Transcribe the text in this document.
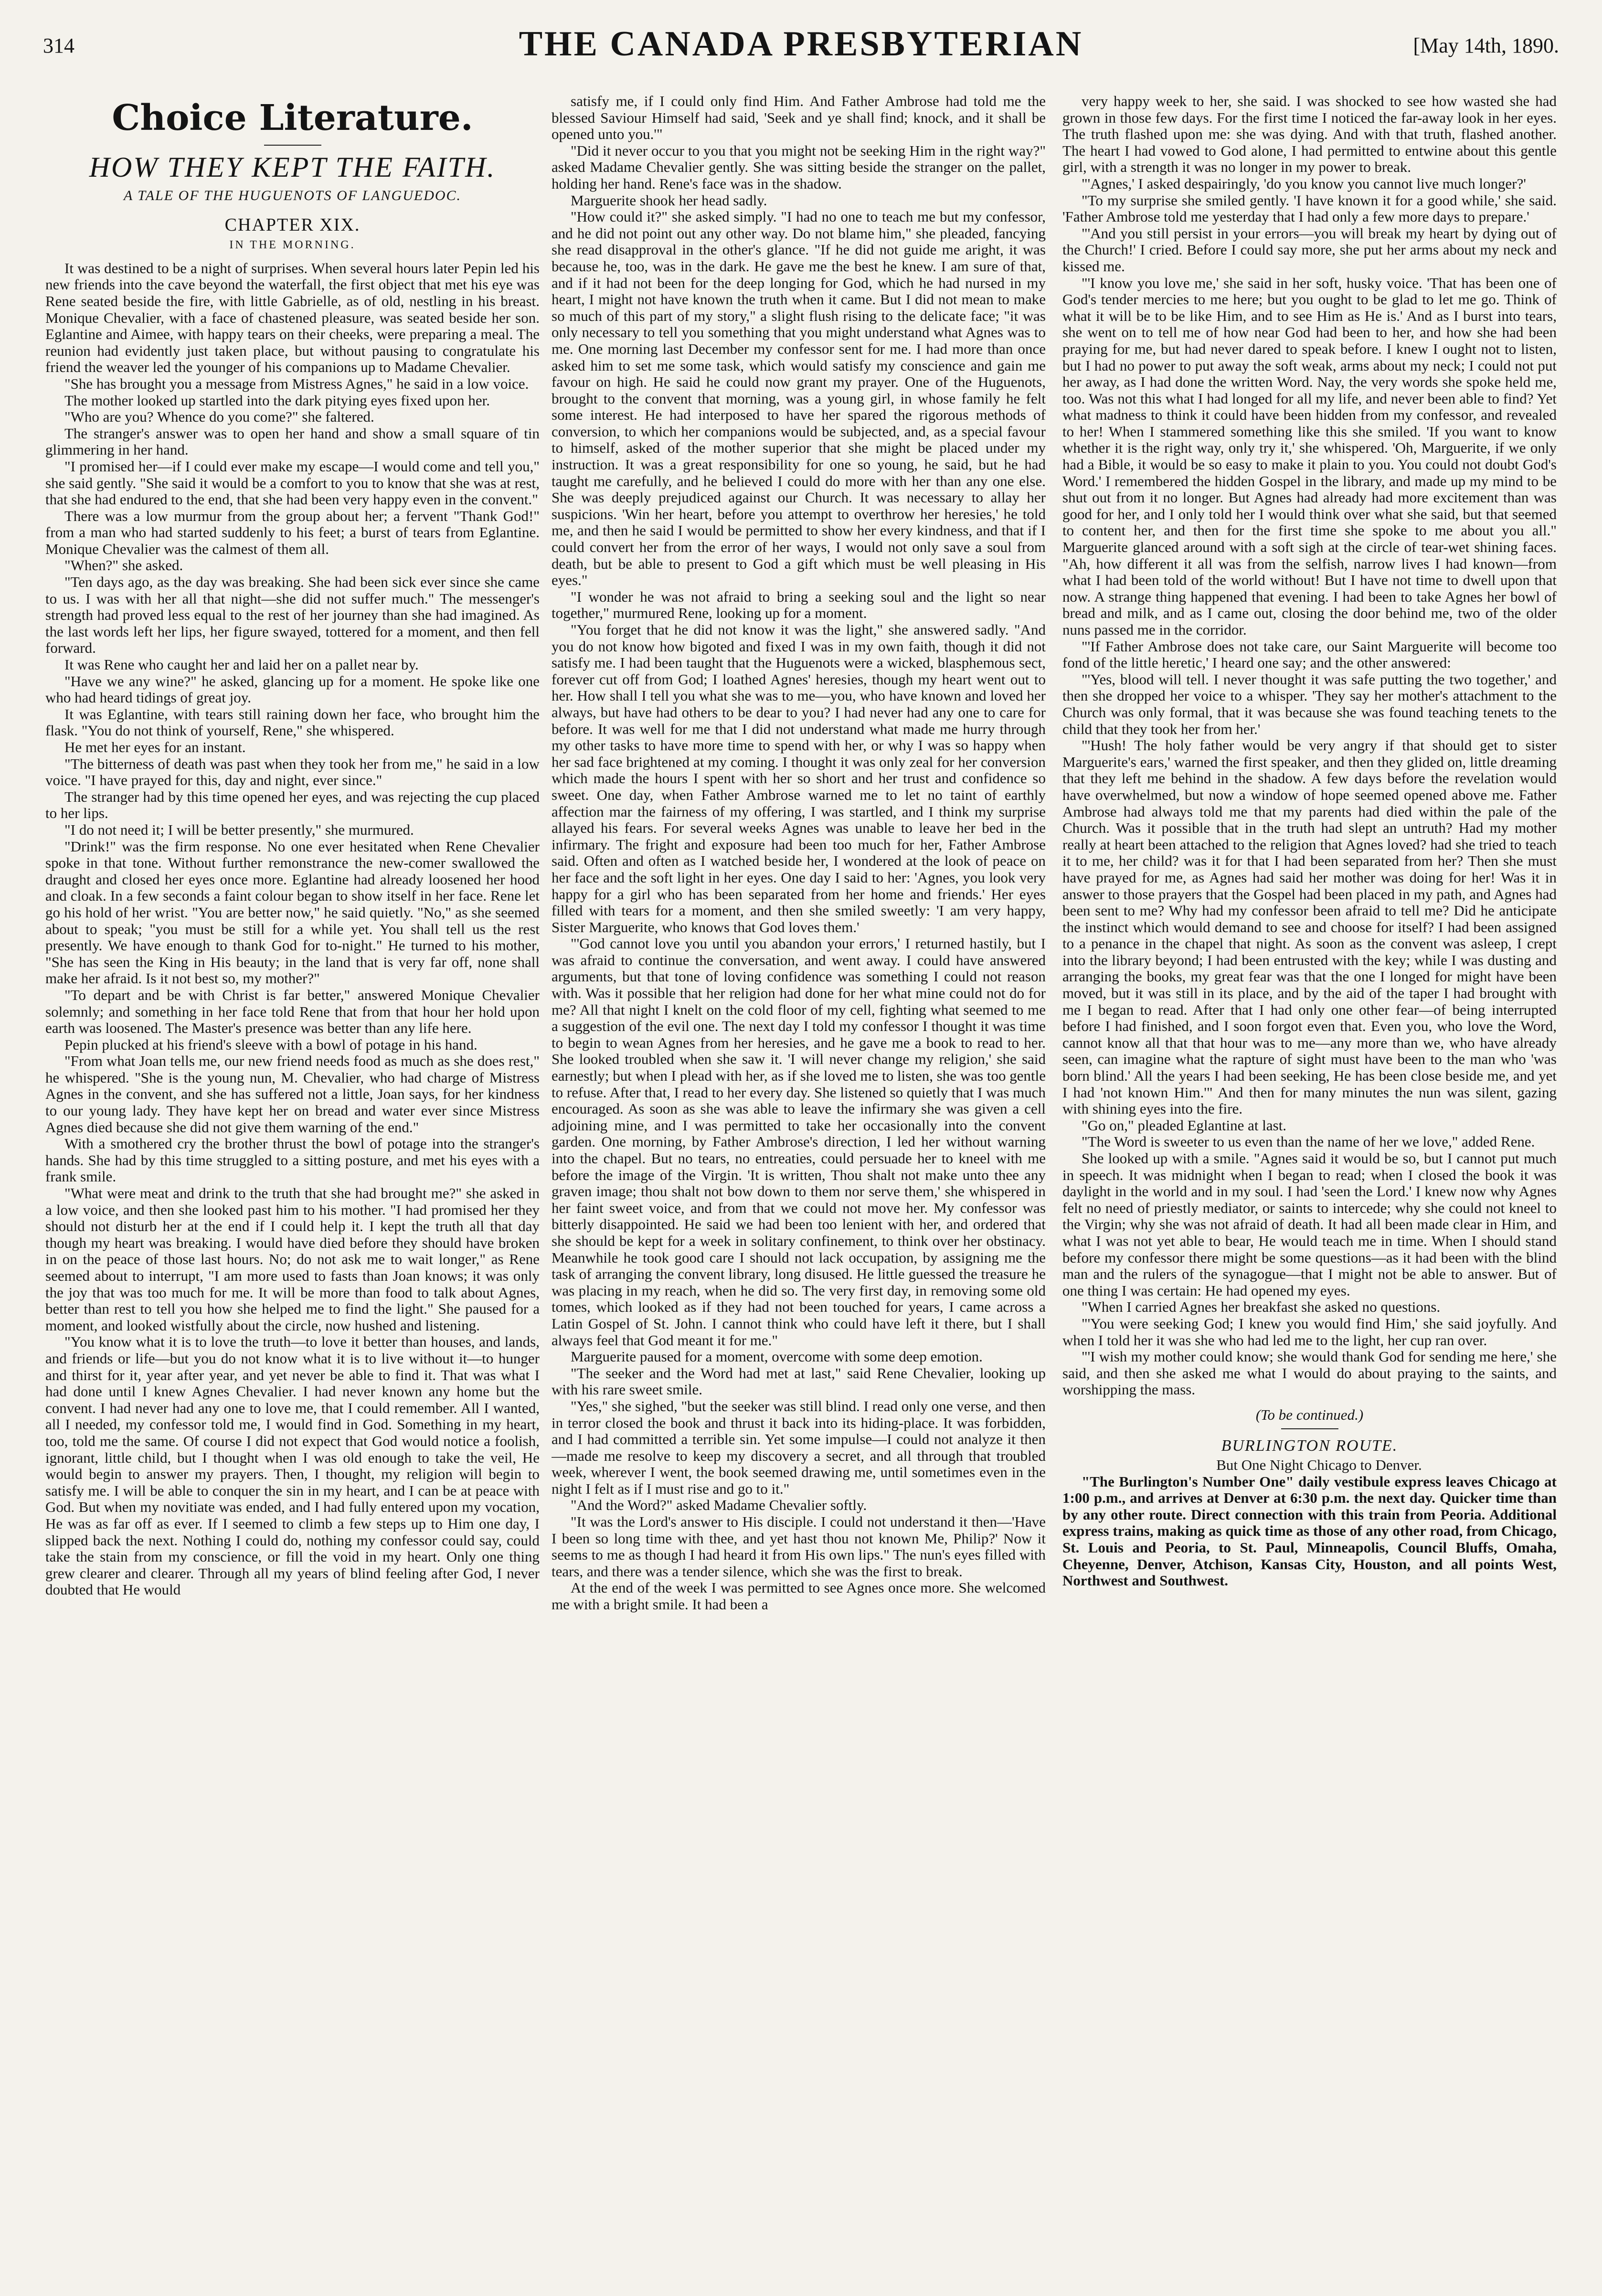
314	THE CANADA PRESBYTERIAN	[May 14th, 1890.
Choice Literature.
HOW THEY KEPT THE FAITH.
A TALE OF THE HUGUENOTS OF LANGUEDOC.
CHAPTER XIX.
IN THE MORNING.

It was destined to be a night of surprises. When several hours later Pepin led his new friends into the cave beyond the waterfall, the first object that met his eye was Rene seated beside the fire, with little Gabrielle, as of old, nestling in his breast. Monique Chevalier, with a face of chastened pleasure, was seated beside her son. Eglantine and Aimee, with happy tears on their cheeks, were preparing a meal. The reunion had evidently just taken place, but without pausing to congratulate his friend the weaver led the younger of his companions up to Madame Chevalier.

"She has brought you a message from Mistress Agnes," he said in a low voice.

The mother looked up startled into the dark pitying eyes fixed upon her.

"Who are you? Whence do you come?" she faltered.

The stranger's answer was to open her hand and show a small square of tin glimmering in her hand.

"I promised her—if I could ever make my escape—I would come and tell you," she said gently. "She said it would be a comfort to you to know that she was at rest, that she had endured to the end, that she had been very happy even in the convent."

There was a low murmur from the group about her; a fervent "Thank God!" from a man who had started suddenly to his feet; a burst of tears from Eglantine. Monique Chevalier was the calmest of them all.

"When?" she asked.

"Ten days ago, as the day was breaking. She had been sick ever since she came to us. I was with her all that night—she did not suffer much." The messenger's strength had proved less equal to the rest of her journey than she had imagined. As the last words left her lips, her figure swayed, tottered for a moment, and then fell forward.

It was Rene who caught her and laid her on a pallet near by.

"Have we any wine?" he asked, glancing up for a moment. He spoke like one who had heard tidings of great joy.

It was Eglantine, with tears still raining down her face, who brought him the flask. "You do not think of yourself, Rene," she whispered.

He met her eyes for an instant.

"The bitterness of death was past when they took her from me," he said in a low voice. "I have prayed for this, day and night, ever since."

The stranger had by this time opened her eyes, and was rejecting the cup placed to her lips.

"I do not need it; I will be better presently," she murmured.

"Drink!" was the firm response. No one ever hesitated when Rene Chevalier spoke in that tone. Without further remonstrance the new-comer swallowed the draught and closed her eyes once more. Eglantine had already loosened her hood and cloak. In a few seconds a faint colour began to show itself in her face. Rene let go his hold of her wrist. "You are better now," he said quietly. "No," as she seemed about to speak; "you must be still for a while yet. You shall tell us the rest presently. We have enough to thank God for to-night." He turned to his mother, "She has seen the King in His beauty; in the land that is very far off, none shall make her afraid. Is it not best so, my mother?"

"To depart and be with Christ is far better," answered Monique Chevalier solemnly; and something in her face told Rene that from that hour her hold upon earth was loosened. The Master's presence was better than any life here.

Pepin plucked at his friend's sleeve with a bowl of potage in his hand.

"From what Joan tells me, our new friend needs food as much as she does rest," he whispered. "She is the young nun, M. Chevalier, who had charge of Mistress Agnes in the convent, and she has suffered not a little, Joan says, for her kindness to our young lady. They have kept her on bread and water ever since Mistress Agnes died because she did not give them warning of the end."

With a smothered cry the brother thrust the bowl of potage into the stranger's hands. She had by this time struggled to a sitting posture, and met his eyes with a frank smile.

"What were meat and drink to the truth that she had brought me?" she asked in a low voice, and then she looked past him to his mother. "I had promised her they should not disturb her at the end if I could help it. I kept the truth all that day though my heart was breaking. I would have died before they should have broken in on the peace of those last hours. No; do not ask me to wait longer," as Rene seemed about to interrupt, "I am more used to fasts than Joan knows; it was only the joy that was too much for me. It will be more than food to talk about Agnes, better than rest to tell you how she helped me to find the light." She paused for a moment, and looked wistfully about the circle, now hushed and listening.

"You know what it is to love the truth—to love it better than houses, and lands, and friends or life—but you do not know what it is to live without it—to hunger and thirst for it, year after year, and yet never be able to find it. That was what I had done until I knew Agnes Chevalier. I had never known any home but the convent. I had never had any one to love me, that I could remember. All I wanted, all I needed, my confessor told me, I would find in God. Something in my heart, too, told me the same. Of course I did not expect that God would notice a foolish, ignorant, little child, but I thought when I was old enough to take the veil, He would begin to answer my prayers. Then, I thought, my religion will begin to satisfy me. I will be able to conquer the sin in my heart, and I can be at peace with God. But when my novitiate was ended, and I had fully entered upon my vocation, He was as far off as ever. If I seemed to climb a few steps up to Him one day, I slipped back the next. Nothing I could do, nothing my confessor could say, could take the stain from my conscience, or fill the void in my heart. Only one thing grew clearer and clearer. Through all my years of blind feeling after God, I never doubted that He would

satisfy me, if I could only find Him. And Father Ambrose had told me the blessed Saviour Himself had said, 'Seek and ye shall find; knock, and it shall be opened unto you.'"

"Did it never occur to you that you might not be seeking Him in the right way?" asked Madame Chevalier gently. She was sitting beside the stranger on the pallet, holding her hand. Rene's face was in the shadow.

Marguerite shook her head sadly.

"How could it?" she asked simply. "I had no one to teach me but my confessor, and he did not point out any other way. Do not blame him," she pleaded, fancying she read disapproval in the other's glance. "If he did not guide me aright, it was because he, too, was in the dark. He gave me the best he knew. I am sure of that, and if it had not been for the deep longing for God, which he had nursed in my heart, I might not have known the truth when it came. But I did not mean to make so much of this part of my story," a slight flush rising to the delicate face; "it was only necessary to tell you something that you might understand what Agnes was to me. One morning last December my confessor sent for me. I had more than once asked him to set me some task, which would satisfy my conscience and gain me favour on high. He said he could now grant my prayer. One of the Huguenots, brought to the convent that morning, was a young girl, in whose family he felt some interest. He had interposed to have her spared the rigorous methods of conversion, to which her companions would be subjected, and, as a special favour to himself, asked of the mother superior that she might be placed under my instruction. It was a great responsibility for one so young, he said, but he had taught me carefully, and he believed I could do more with her than any one else. She was deeply prejudiced against our Church. It was necessary to allay her suspicions. 'Win her heart, before you attempt to overthrow her heresies,' he told me, and then he said I would be permitted to show her every kindness, and that if I could convert her from the error of her ways, I would not only save a soul from death, but be able to present to God a gift which must be well pleasing in His eyes."

"I wonder he was not afraid to bring a seeking soul and the light so near together," murmured Rene, looking up for a moment.

"You forget that he did not know it was the light," she answered sadly. "And you do not know how bigoted and fixed I was in my own faith, though it did not satisfy me. I had been taught that the Huguenots were a wicked, blasphemous sect, forever cut off from God; I loathed Agnes' heresies, though my heart went out to her. How shall I tell you what she was to me—you, who have known and loved her always, but have had others to be dear to you? I had never had any one to care for before. It was well for me that I did not understand what made me hurry through my other tasks to have more time to spend with her, or why I was so happy when her sad face brightened at my coming. I thought it was only zeal for her conversion which made the hours I spent with her so short and her trust and confidence so sweet. One day, when Father Ambrose warned me to let no taint of earthly affection mar the fairness of my offering, I was startled, and I think my surprise allayed his fears. For several weeks Agnes was unable to leave her bed in the infirmary. The fright and exposure had been too much for her, Father Ambrose said. Often and often as I watched beside her, I wondered at the look of peace on her face and the soft light in her eyes. One day I said to her: 'Agnes, you look very happy for a girl who has been separated from her home and friends.' Her eyes filled with tears for a moment, and then she smiled sweetly: 'I am very happy, Sister Marguerite, who knows that God loves them.'

"'God cannot love you until you abandon your errors,' I returned hastily, but I was afraid to continue the conversation, and went away. I could have answered arguments, but that tone of loving confidence was something I could not reason with. Was it possible that her religion had done for her what mine could not do for me? All that night I knelt on the cold floor of my cell, fighting what seemed to me a suggestion of the evil one. The next day I told my confessor I thought it was time to begin to wean Agnes from her heresies, and he gave me a book to read to her. She looked troubled when she saw it. 'I will never change my religion,' she said earnestly; but when I plead with her, as if she loved me to listen, she was too gentle to refuse. After that, I read to her every day. She listened so quietly that I was much encouraged. As soon as she was able to leave the infirmary she was given a cell adjoining mine, and I was permitted to take her occasionally into the convent garden. One morning, by Father Ambrose's direction, I led her without warning into the chapel. But no tears, no entreaties, could persuade her to kneel with me before the image of the Virgin. 'It is written, Thou shalt not make unto thee any graven image; thou shalt not bow down to them nor serve them,' she whispered in her faint sweet voice, and from that we could not move her. My confessor was bitterly disappointed. He said we had been too lenient with her, and ordered that she should be kept for a week in solitary confinement, to think over her obstinacy. Meanwhile he took good care I should not lack occupation, by assigning me the task of arranging the convent library, long disused. He little guessed the treasure he was placing in my reach, when he did so. The very first day, in removing some old tomes, which looked as if they had not been touched for years, I came across a Latin Gospel of St. John. I cannot think who could have left it there, but I shall always feel that God meant it for me."

Marguerite paused for a moment, overcome with some deep emotion.

"The seeker and the Word had met at last," said Rene Chevalier, looking up with his rare sweet smile.

"Yes," she sighed, "but the seeker was still blind. I read only one verse, and then in terror closed the book and thrust it back into its hiding-place. It was forbidden, and I had committed a terrible sin. Yet some impulse—I could not analyze it then—made me resolve to keep my discovery a secret, and all through that troubled week, wherever I went, the book seemed drawing me, until sometimes even in the night I felt as if I must rise and go to it."

"And the Word?" asked Madame Chevalier softly.

"It was the Lord's answer to His disciple. I could not understand it then—'Have I been so long time with thee, and yet hast thou not known Me, Philip?' Now it seems to me as though I had heard it from His own lips." The nun's eyes filled with tears, and there was a tender silence, which she was the first to break.

At the end of the week I was permitted to see Agnes once more. She welcomed me with a bright smile. It had been a

very happy week to her, she said. I was shocked to see how wasted she had grown in those few days. For the first time I noticed the far-away look in her eyes. The truth flashed upon me: she was dying. And with that truth, flashed another. The heart I had vowed to God alone, I had permitted to entwine about this gentle girl, with a strength it was no longer in my power to break.

"'Agnes,' I asked despairingly, 'do you know you cannot live much longer?'

"To my surprise she smiled gently. 'I have known it for a good while,' she said. 'Father Ambrose told me yesterday that I had only a few more days to prepare.'

"'And you still persist in your errors—you will break my heart by dying out of the Church!' I cried. Before I could say more, she put her arms about my neck and kissed me.

"'I know you love me,' she said in her soft, husky voice. 'That has been one of God's tender mercies to me here; but you ought to be glad to let me go. Think of what it will be to be like Him, and to see Him as He is.' And as I burst into tears, she went on to tell me of how near God had been to her, and how she had been praying for me, but had never dared to speak before. I knew I ought not to listen, but I had no power to put away the soft weak, arms about my neck; I could not put her away, as I had done the written Word. Nay, the very words she spoke held me, too. Was not this what I had longed for all my life, and never been able to find? Yet what madness to think it could have been hidden from my confessor, and revealed to her! When I stammered something like this she smiled. 'If you want to know whether it is the right way, only try it,' she whispered. 'Oh, Marguerite, if we only had a Bible, it would be so easy to make it plain to you. You could not doubt God's Word.' I remembered the hidden Gospel in the library, and made up my mind to be shut out from it no longer. But Agnes had already had more excitement than was good for her, and I only told her I would think over what she said, but that seemed to content her, and then for the first time she spoke to me about you all." Marguerite glanced around with a soft sigh at the circle of tear-wet shining faces. "Ah, how different it all was from the selfish, narrow lives I had known—from what I had been told of the world without! But I have not time to dwell upon that now. A strange thing happened that evening. I had been to take Agnes her bowl of bread and milk, and as I came out, closing the door behind me, two of the older nuns passed me in the corridor.

"'If Father Ambrose does not take care, our Saint Marguerite will become too fond of the little heretic,' I heard one say; and the other answered:

"'Yes, blood will tell. I never thought it was safe putting the two together,' and then she dropped her voice to a whisper. 'They say her mother's attachment to the Church was only formal, that it was because she was found teaching tenets to the child that they took her from her.'

"'Hush! The holy father would be very angry if that should get to sister Marguerite's ears,' warned the first speaker, and then they glided on, little dreaming that they left me behind in the shadow. A few days before the revelation would have overwhelmed, but now a window of hope seemed opened above me. Father Ambrose had always told me that my parents had died within the pale of the Church. Was it possible that in the truth had slept an untruth? Had my mother really at heart been attached to the religion that Agnes loved? had she tried to teach it to me, her child? was it for that I had been separated from her? Then she must have prayed for me, as Agnes had said her mother was doing for her! Was it in answer to those prayers that the Gospel had been placed in my path, and Agnes had been sent to me? Why had my confessor been afraid to tell me? Did he anticipate the instinct which would demand to see and choose for itself? I had been assigned to a penance in the chapel that night. As soon as the convent was asleep, I crept into the library beyond; I had been entrusted with the key; while I was dusting and arranging the books, my great fear was that the one I longed for might have been moved, but it was still in its place, and by the aid of the taper I had brought with me I began to read. After that I had only one other fear—of being interrupted before I had finished, and I soon forgot even that. Even you, who love the Word, cannot know all that that hour was to me—any more than we, who have already seen, can imagine what the rapture of sight must have been to the man who 'was born blind.' All the years I had been seeking, He has been close beside me, and yet I had 'not known Him.'" And then for many minutes the nun was silent, gazing with shining eyes into the fire.

"Go on," pleaded Eglantine at last.

"The Word is sweeter to us even than the name of her we love," added Rene.

She looked up with a smile. "Agnes said it would be so, but I cannot put much in speech. It was midnight when I began to read; when I closed the book it was daylight in the world and in my soul. I had 'seen the Lord.' I knew now why Agnes felt no need of priestly mediator, or saints to intercede; why she could not kneel to the Virgin; why she was not afraid of death. It had all been made clear in Him, and what I was not yet able to bear, He would teach me in time. When I should stand before my confessor there might be some questions—as it had been with the blind man and the rulers of the synagogue—that I might not be able to answer. But of one thing I was certain: He had opened my eyes.

"When I carried Agnes her breakfast she asked no questions.

"'You were seeking God; I knew you would find Him,' she said joyfully. And when I told her it was she who had led me to the light, her cup ran over.

"'I wish my mother could know; she would thank God for sending me here,' she said, and then she asked me what I would do about praying to the saints, and worshipping the mass.

(To be continued.)
BURLINGTON ROUTE.

But One Night Chicago to Denver.

"The Burlington's Number One" daily vestibule express leaves Chicago at 1:00 p.m., and arrives at Denver at 6:30 p.m. the next day. Quicker time than by any other route. Direct connection with this train from Peoria. Additional express trains, making as quick time as those of any other road, from Chicago, St. Louis and Peoria, to St. Paul, Minneapolis, Council Bluffs, Omaha, Cheyenne, Denver, Atchison, Kansas City, Houston, and all points West, Northwest and Southwest.
